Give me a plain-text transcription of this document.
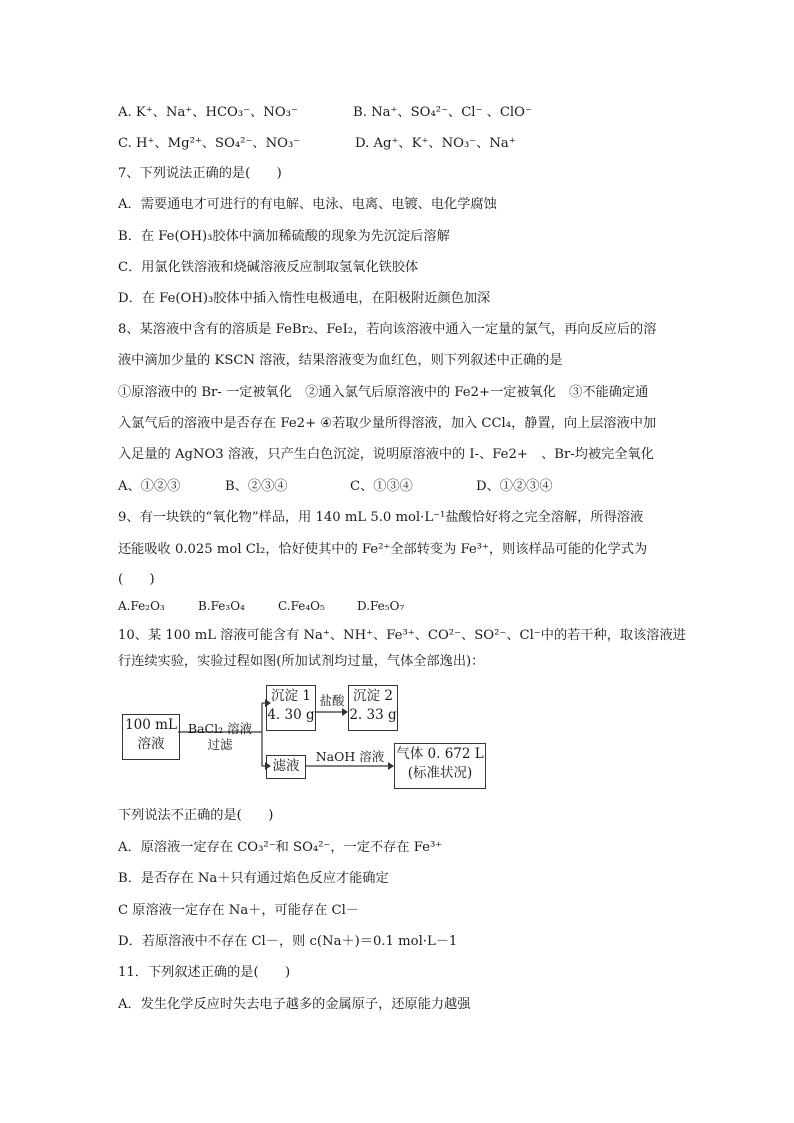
A. K⁺、Na⁺、HCO₃⁻、NO₃⁻	B. Na⁺、SO₄²⁻、Cl⁻ 、ClO⁻
C. H⁺、Mg²⁺、SO₄²⁻、NO₃⁻	D. Ag⁺、K⁺、NO₃⁻、Na⁺
7、下列说法正确的是(　　)
A．需要通电才可进行的有电解、电泳、电离、电镀、电化学腐蚀
B．在 Fe(OH)₃胶体中滴加稀硫酸的现象为先沉淀后溶解
C．用氯化铁溶液和烧碱溶液反应制取氢氧化铁胶体
D．在 Fe(OH)₃胶体中插入惰性电极通电，在阳极附近颜色加深
8、某溶液中含有的溶质是 FeBr₂、FeI₂，若向该溶液中通入一定量的氯气，再向反应后的溶
液中滴加少量的 KSCN 溶液，结果溶液变为血红色，则下列叙述中正确的是
①原溶液中的 Br- 一定被氧化　②通入氯气后原溶液中的 Fe2+一定被氧化　③不能确定通
入氯气后的溶液中是否存在 Fe2+ ④若取少量所得溶液，加入 CCl₄，静置，向上层溶液中加
入足量的 AgNO3 溶液，只产生白色沉淀，说明原溶液中的 I-、Fe2+　、Br-均被完全氧化
A、①②③	B、②③④	C、①③④	D、①②③④
9、有一块铁的“氧化物”样品，用 140 mL 5.0 mol·L⁻¹盐酸恰好将之完全溶解，所得溶液
还能吸收 0.025 mol Cl₂，恰好使其中的 Fe²⁺全部转变为 Fe³⁺，则该样品可能的化学式为
(　　)
A.Fe₂O₃	B.Fe₃O₄	C.Fe₄O₅	D.Fe₅O₇
10、某 100 mL 溶液可能含有 Na⁺、NH⁺、Fe³⁺、CO²⁻、SO²⁻、Cl⁻中的若干种，取该溶液进
行连续实验，实验过程如图(所加试剂均过量，气体全部逸出)：
100 mL
溶液
BaCl₂ 溶液
过滤
沉淀 1
4. 30 g
盐酸 沉淀 2
2. 33 g
滤液
NaOH 溶液 气体 0. 672 L
(标准状况)
下列说法不正确的是(　　)
A．原溶液一定存在 CO₃²⁻和 SO₄²⁻，一定不存在 Fe³⁺
B．是否存在 Na＋只有通过焰色反应才能确定
C 原溶液一定存在 Na＋，可能存在 Cl－
D．若原溶液中不存在 Cl－，则 c(Na＋)＝0.1 mol·L－1
11．下列叙述正确的是(　　)
A．发生化学反应时失去电子越多的金属原子，还原能力越强
